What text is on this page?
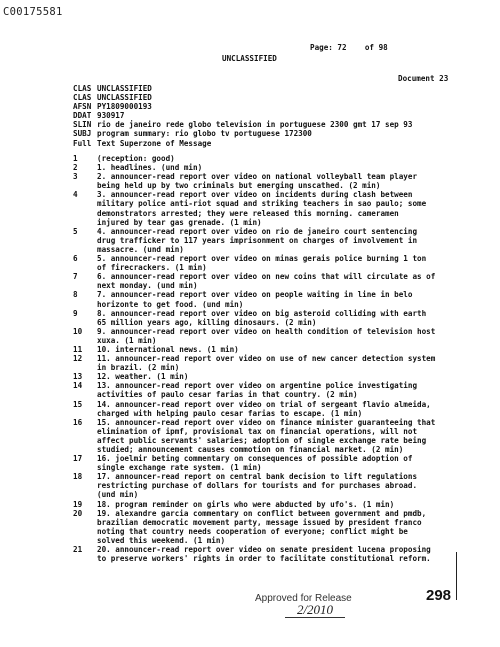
C00175581
Page: 72    of 98
UNCLASSIFIED
Document 23
CLAS UNCLASSIFIED
CLAS UNCLASSIFIED
AFSN PY1809000193
DDAT 930917
SLIN rio de janeiro rede globo television in portuguese 2300 gmt 17 sep 93
SUBJ program summary: rio globo tv portuguese 172300
Full Text Superzone of Message
1	(reception: good)
2	1. headlines. (und min)
3	2. announcer-read report over video on national volleyball team player
being held up by two criminals but emerging unscathed. (2 min)
4	3. announcer-read report over video on incidents during clash between
military police anti-riot squad and striking teachers in sao paulo; some
demonstrators arrested; they were released this morning. cameramen
injured by tear gas grenade. (1 min)
5	4. announcer-read report over video on rio de janeiro court sentencing
drug trafficker to 117 years imprisonment on charges of involvement in
massacre. (und min)
6	5. announcer-read report over video on minas gerais police burning 1 ton
of firecrackers. (1 min)
7	6. announcer-read report over video on new coins that will circulate as of
next monday. (und min)
8	7. announcer-read report over video on people waiting in line in belo
horizonte to get food. (und min)
9	8. announcer-read report over video on big asteroid colliding with earth
65 million years ago, killing dinosaurs. (2 min)
10	9. announcer-read report over video on health condition of television host
xuxa. (1 min)
11	10. international news. (1 min)
12	11. announcer-read report over video on use of new cancer detection system
in brazil. (2 min)
13	12. weather. (1 min)
14	13. announcer-read report over video on argentine police investigating
activities of paulo cesar farias in that country. (2 min)
15	14. announcer-read report over video on trial of sergeant flavio almeida,
charged with helping paulo cesar farias to escape. (1 min)
16	15. announcer-read report over video on finance minister guaranteeing that
elimination of ipmf, provisional tax on financial operations, will not
affect public servants' salaries; adoption of single exchange rate being
studied; announcement causes commotion on financial market. (2 min)
17	16. joelmir beting commentary on consequences of possible adoption of
single exchange rate system. (1 min)
18	17. announcer-read report on central bank decision to lift regulations
restricting purchase of dollars for tourists and for purchases abroad.
(und min)
19	18. program reminder on girls who were abducted by ufo's. (1 min)
20	19. alexandre garcia commentary on conflict between government and pmdb,
brazilian democratic movement party, message issued by president franco
noting that country needs cooperation of everyone; conflict might be
solved this weekend. (1 min)
21	20. announcer-read report over video on senate president lucena proposing
to preserve workers' rights in order to facilitate constitutional reform.
Approved for Release
2/2010
298
